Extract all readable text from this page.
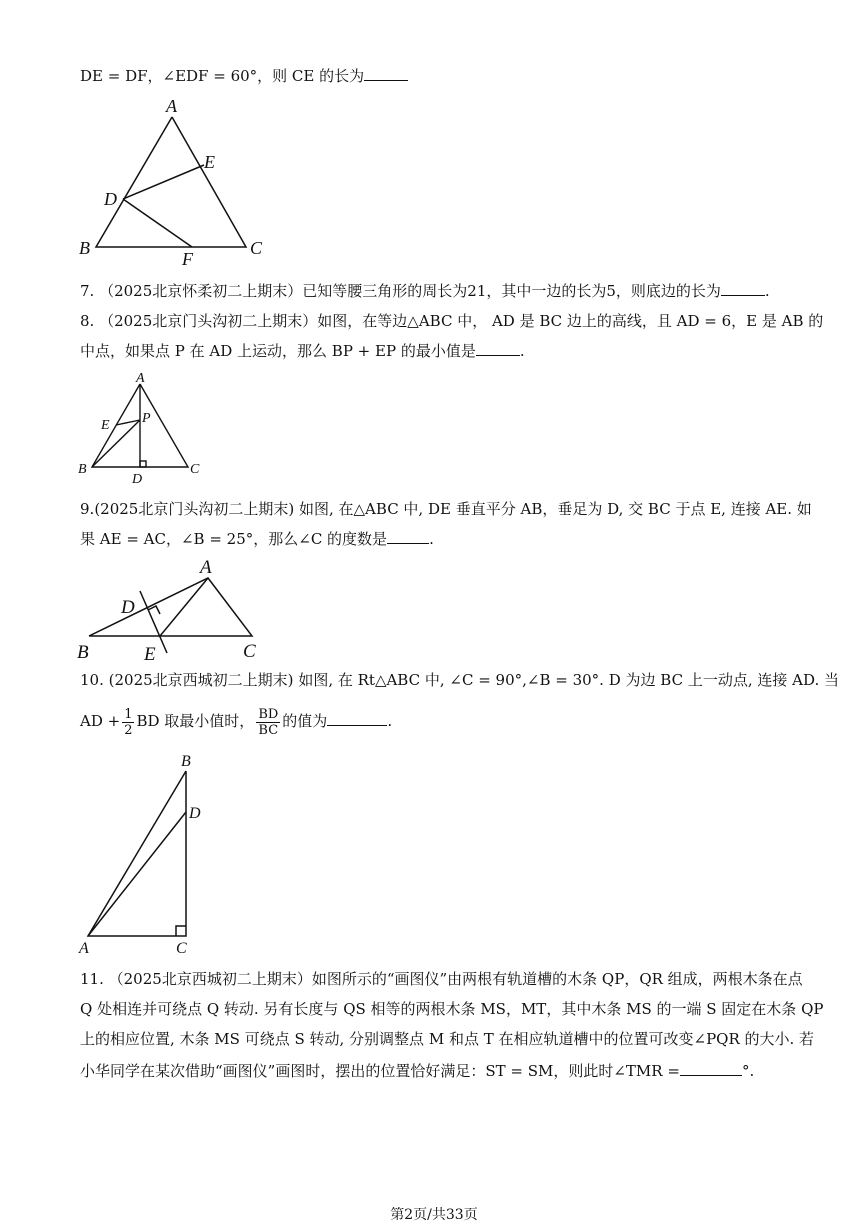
DE = DF，∠EDF = 60°，则 CE 的长为
A
E
D
B	C
F
7. （2025北京怀柔初二上期末）已知等腰三角形的周长为21，其中一边的长为5，则底边的长为	.
8. （2025北京门头沟初二上期末）如图，在等边△ABC 中， AD 是 BC 边上的高线，且 AD = 6，E 是 AB 的
中点，如果点 P 在 AD 上运动，那么 BP + EP 的最小值是	.
A
P
E
B	C
D
9.(2025北京门头沟初二上期末) 如图, 在△ABC 中, DE 垂直平分 AB，垂足为 D, 交 BC 于点 E, 连接 AE. 如
果 AE = AC，∠B = 25°，那么∠C 的度数是	.
A
D
B	E	C
10. (2025北京西城初二上期末) 如图, 在 Rt△ABC 中, ∠C = 90°,∠B = 30°. D 为边 BC 上一动点, 连接 AD. 当
AD + $\frac{1}{2}$ BD 取最小值时， $\frac{BD}{BC}$ 的值为	.
B
D
A	C
11. （2025北京西城初二上期末）如图所示的“画图仪”由两根有轨道槽的木条 QP，QR 组成，两根木条在点
Q 处相连并可绕点 Q 转动. 另有长度与 QS 相等的两根木条 MS，MT，其中木条 MS 的一端 S 固定在木条 QP
上的相应位置, 木条 MS 可绕点 S 转动, 分别调整点 M 和点 T 在相应轨道槽中的位置可改变∠PQR 的大小. 若
小华同学在某次借助“画图仪”画图时，摆出的位置恰好满足：ST = SM，则此时∠TMR =	°.
第2页/共33页
